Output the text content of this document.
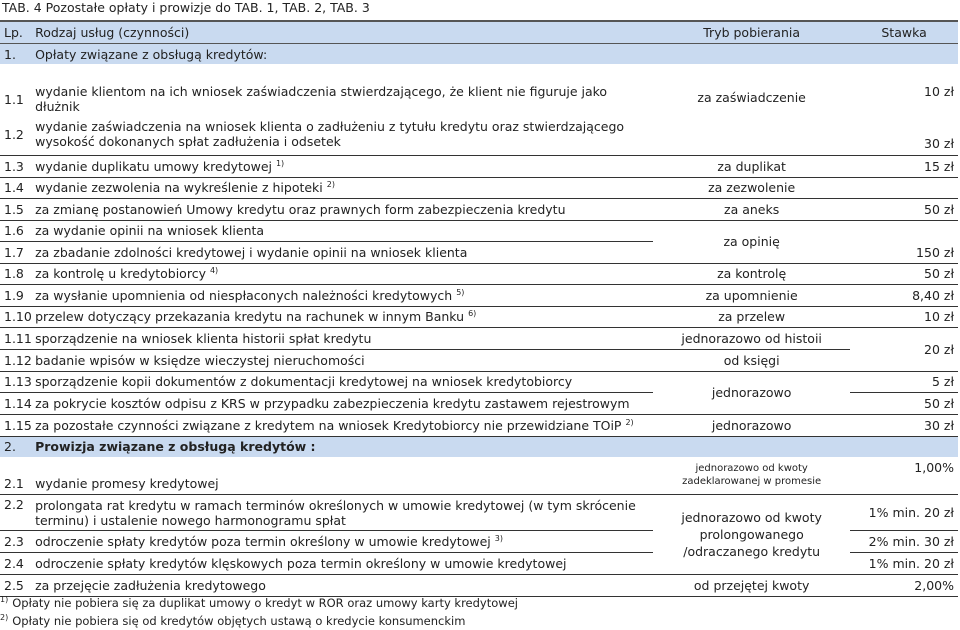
TAB. 4 Pozostałe opłaty i prowizje do TAB. 1, TAB. 2, TAB. 3
Lp.	Rodzaj usług (czynności)	Tryb pobierania	Stawka
1.	Opłaty związane z obsługą kredytów:		

1.1	wydanie klientom na ich wniosek zaświadczenia stwierdzającego, że klient nie figuruje jako dłużnik	za zaświadczenie	10 zł
1.2	wydanie zaświadczenia na wniosek klienta o zadłużeniu z tytułu kredytu oraz stwierdzającego wysokość dokonanych spłat zadłużenia i odsetek		30 zł
1.3	wydanie duplikatu umowy kredytowej $^{1)}$	za duplikat	15 zł
1.4	wydanie zezwolenia na wykreślenie z hipoteki $^{2)}$	za zezwolenie	
1.5	za zmianę postanowień Umowy kredytu oraz prawnych form zabezpieczenia kredytu	za aneks	50 zł
1.6	za wydanie opinii na wniosek klienta	za opinię	150 zł
1.7	za zbadanie zdolności kredytowej i wydanie opinii na wniosek klienta		
1.8	za kontrolę u kredytobiorcy $^{4)}$	za kontrolę	50 zł
1.9	za wysłanie upomnienia od niespłaconych należności kredytowych $^{5)}$	za upomnienie	8,40 zł
1.10	przelew dotyczący przekazania kredytu na rachunek w innym Banku $^{6)}$	za przelew	10 zł
1.11	sporządzenie na wniosek klienta historii spłat kredytu	jednorazowo od histoii	20 zł
1.12	badanie wpisów w księdze wieczystej nieruchomości	od księgi	
1.13	sporządzenie kopii dokumentów z dokumentacji kredytowej na wniosek kredytobiorcy	jednorazowo	5 zł
1.14	za pokrycie kosztów odpisu z KRS w przypadku zabezpieczenia kredytu zastawem rejestrowym		50 zł
1.15	za pozostałe czynności związane z kredytem na wniosek Kredytobiorcy nie przewidziane TOiP $^{2)}$	jednorazowo	30 zł
2.	Prowizja związane z obsługą kredytów :		
2.1	wydanie promesy kredytowej	jednorazowo od kwoty zadeklarowanej w promesie	1,00%
2.2	prolongata rat kredytu w ramach terminów określonych w umowie kredytowej (w tym skrócenie terminu) i ustalenie nowego harmonogramu spłat	jednorazowo od kwoty prolongowanego /odraczanego kredytu	1% min. 20 zł
2.3	odroczenie spłaty kredytów poza termin określony w umowie kredytowej $^{3)}$		2% min. 30 zł
2.4	odroczenie spłaty kredytów klęskowych poza termin określony w umowie kredytowej		1% min. 20 zł
2.5	za przejęcie zadłużenia kredytowego	od przejętej kwoty	2,00%
$^{1)}$ Opłaty nie pobiera się za duplikat umowy o kredyt w ROR oraz umowy karty kredytowej
$^{2)}$ Opłaty nie pobiera się od kredytów objętych ustawą o kredycie konsumenckim
